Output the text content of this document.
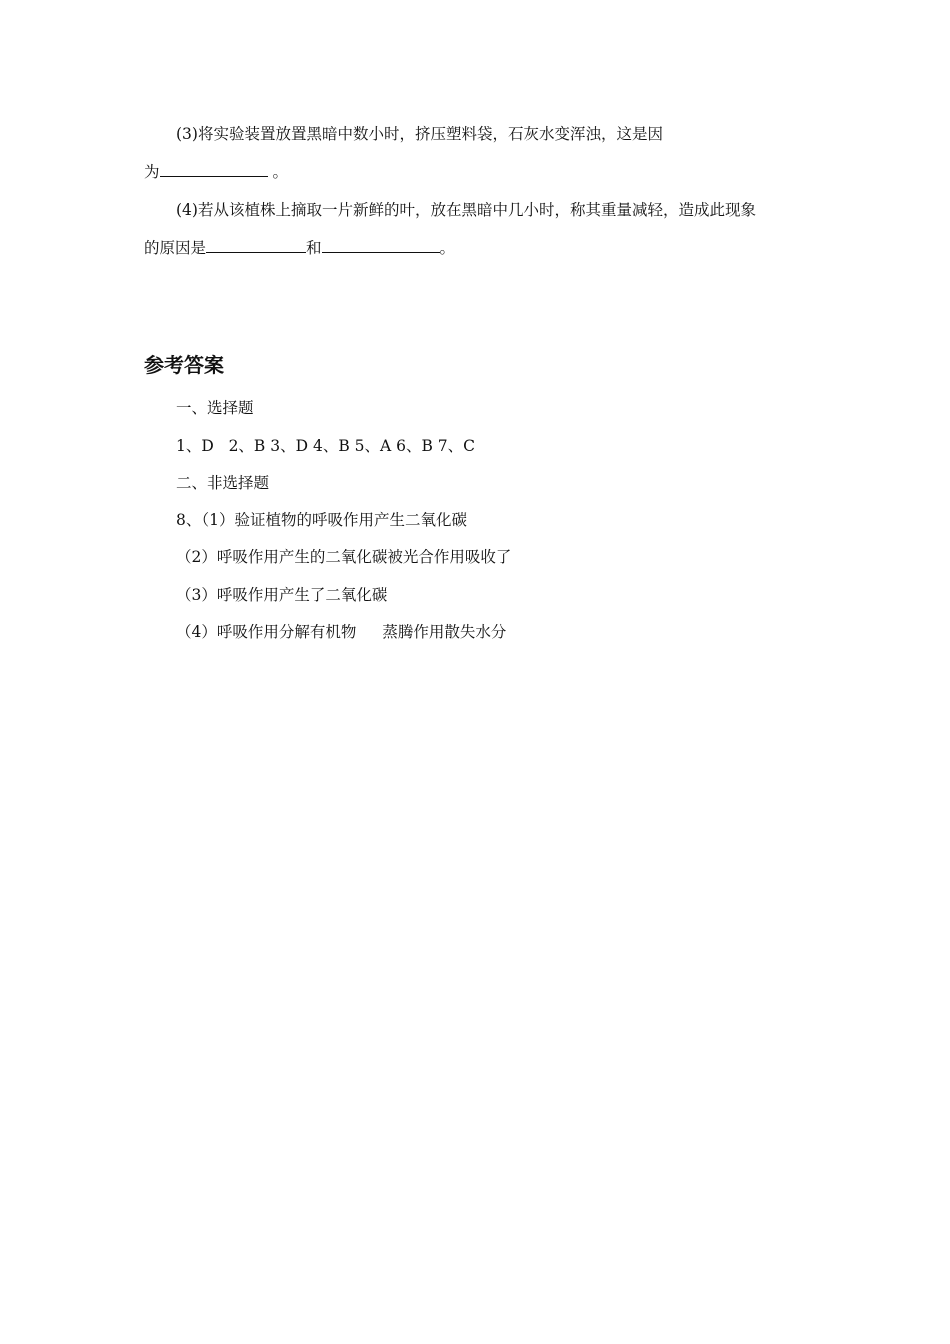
(3)将实验装置放置黑暗中数小时，挤压塑料袋，石灰水变浑浊，这是因
为	。
(4)若从该植株上摘取一片新鲜的叶，放在黑暗中几小时，称其重量减轻，造成此现象
的原因是	和	。
参考答案
一、选择题
1、D   2、B 3、D 4、B 5、A 6、B 7、C
二、非选择题
8、（1）验证植物的呼吸作用产生二氧化碳
（2）呼吸作用产生的二氧化碳被光合作用吸收了
（3）呼吸作用产生了二氧化碳
（4）呼吸作用分解有机物 蒸腾作用散失水分
